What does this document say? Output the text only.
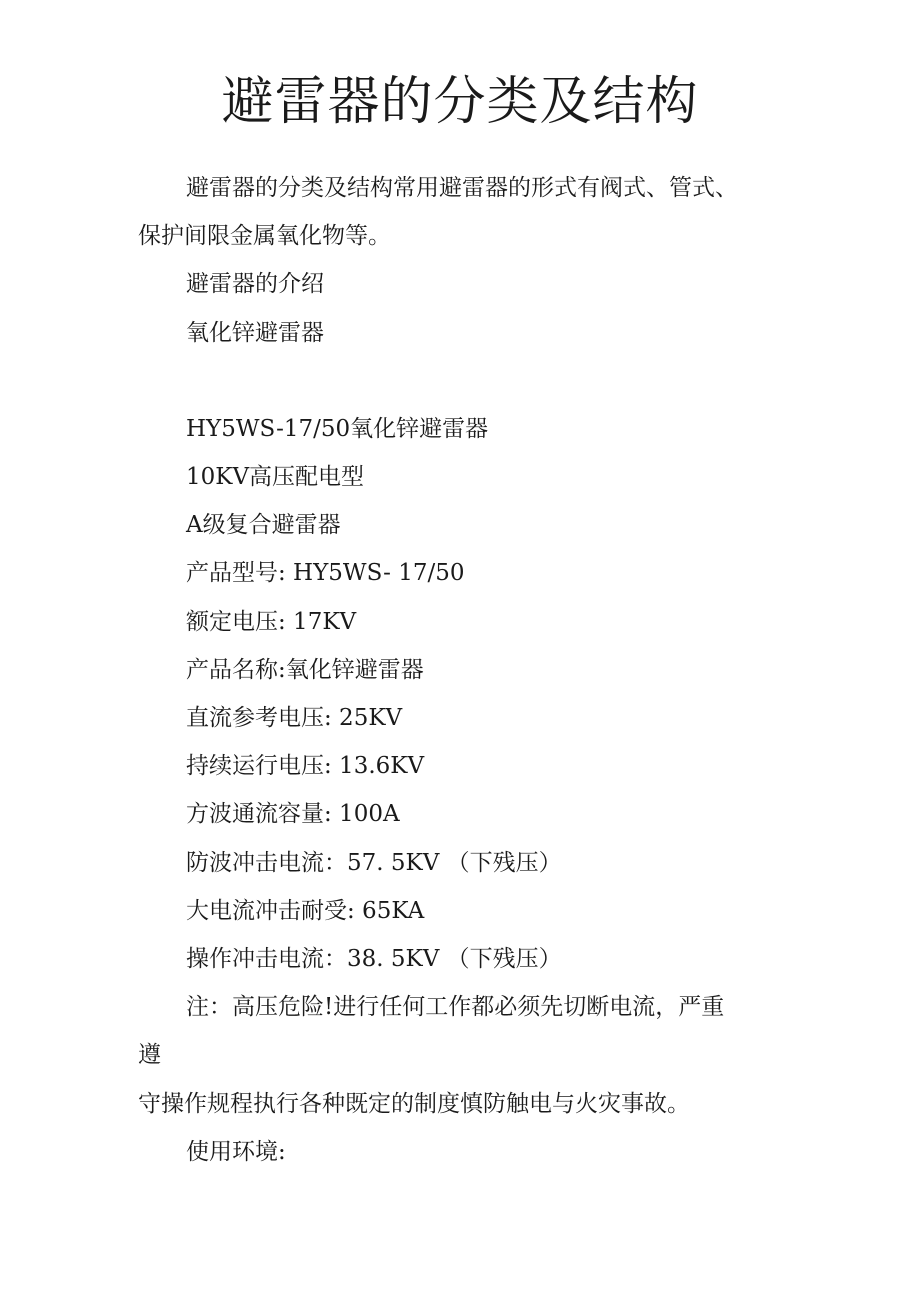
避雷器的分类及结构

避雷器的分类及结构常用避雷器的形式有阀式、管式、

保护间限金属氧化物等。

避雷器的介绍

氧化锌避雷器

HY5WS-17/50氧化锌避雷器

10KV高压配电型

A级复合避雷器

产品型号: HY5WS- 17/50

额定电压: 17KV

产品名称:氧化锌避雷器

直流参考电压: 25KV

持续运行电压: 13.6KV

方波通流容量: 100A

防波冲击电流：57. 5KV （下残压）

大电流冲击耐受: 65KA

操作冲击电流：38. 5KV （下残压）

注：高压危险!进行任何工作都必须先切断电流，严重

遵

守操作规程执行各种既定的制度慎防触电与火灾事故。

使用环境:
